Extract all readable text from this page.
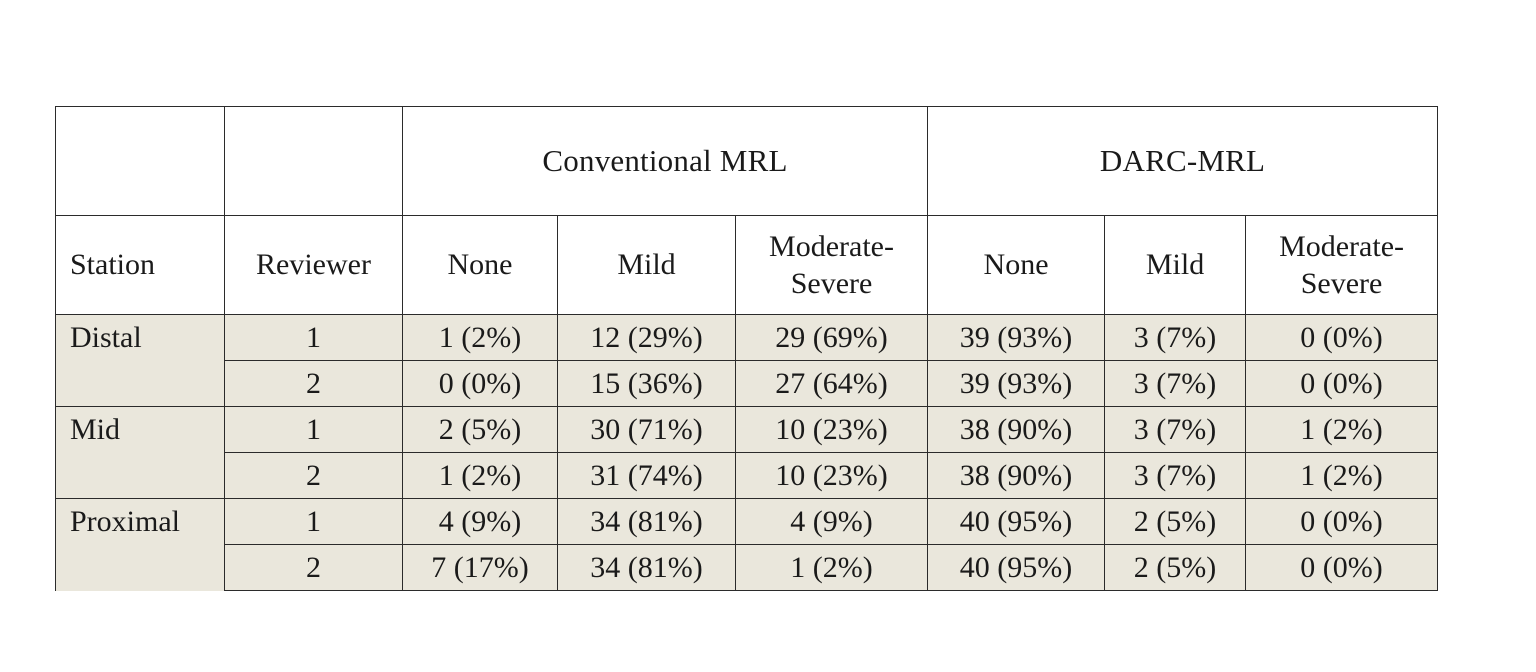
		Conventional MRL			DARC-MRL		
Station	Reviewer	None	Mild	Moderate-Severe	None	Mild	Moderate-Severe
Distal	1	1 (2%)	12 (29%)	29 (69%)	39 (93%)	3 (7%)	0 (0%)
	2	0 (0%)	15 (36%)	27 (64%)	39 (93%)	3 (7%)	0 (0%)
Mid	1	2 (5%)	30 (71%)	10 (23%)	38 (90%)	3 (7%)	1 (2%)
	2	1 (2%)	31 (74%)	10 (23%)	38 (90%)	3 (7%)	1 (2%)
Proximal	1	4 (9%)	34 (81%)	4 (9%)	40 (95%)	2 (5%)	0 (0%)
	2	7 (17%)	34 (81%)	1 (2%)	40 (95%)	2 (5%)	0 (0%)
